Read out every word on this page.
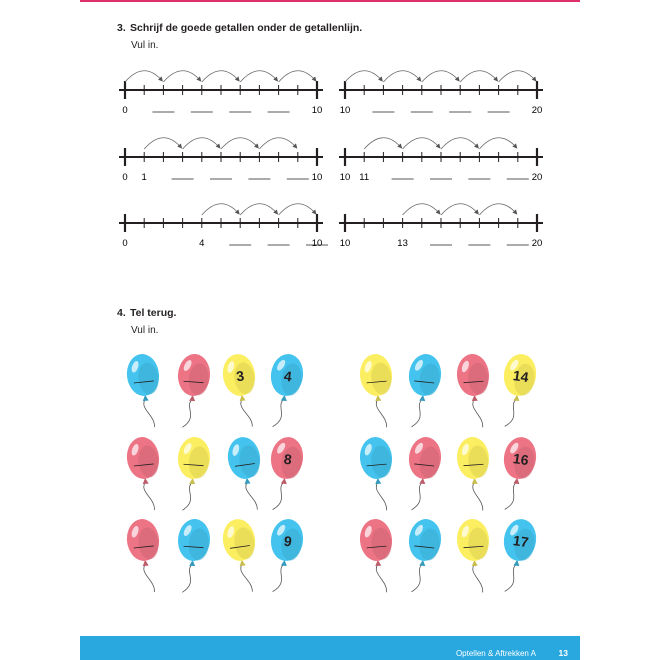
3. Schrijf de goede getallen onder de getallenlijn.
Vul in.
4. Tel terug.
Vul in.
0	10 10	20
0	10
1	10	20
11
0	10
4	10	20
13
3	4	14
8	16
9	17
Optellen & Aftrekken A	13
